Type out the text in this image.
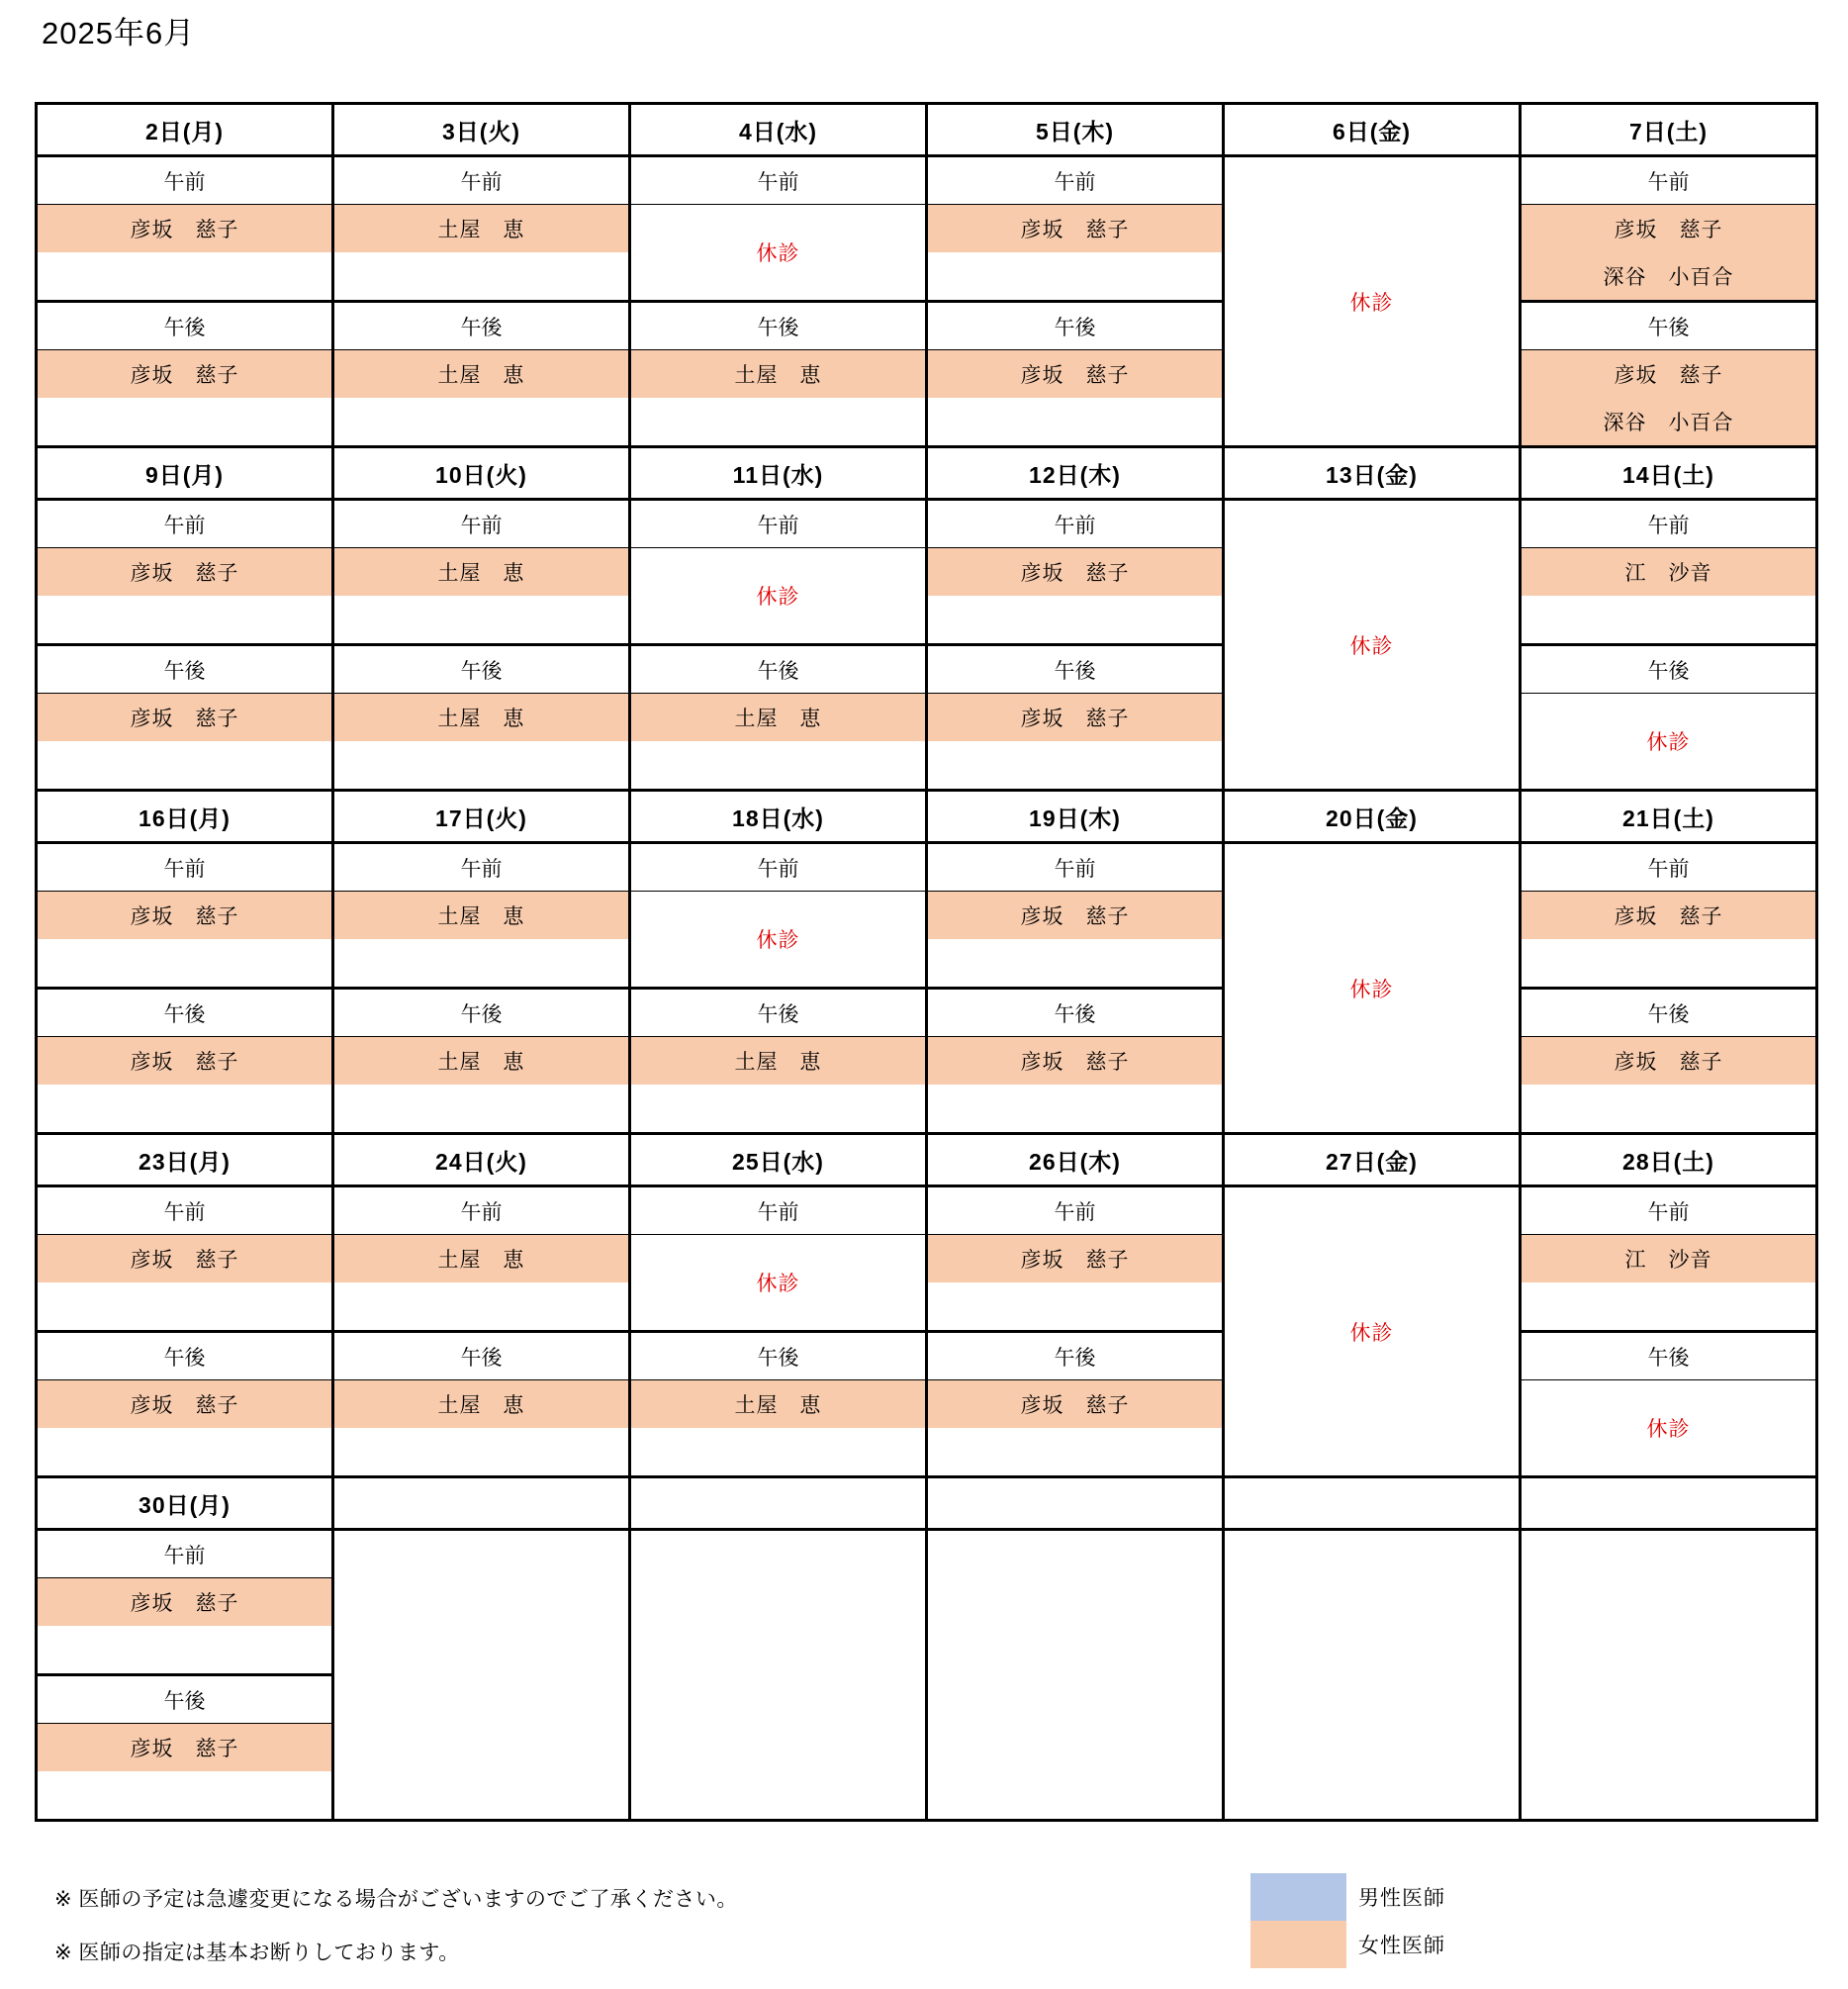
2025年6月
2日(月)
午前
彦坂　慈子
午後
彦坂　慈子
3日(火)
午前
土屋　恵
午後
土屋　恵
4日(水)
午前
休診
午後
土屋　恵
5日(木)
午前
彦坂　慈子
午後
彦坂　慈子
6日(金)
休診
7日(土)
午前
彦坂　慈子
深谷　小百合
午後
彦坂　慈子
深谷　小百合
9日(月)
午前
彦坂　慈子
午後
彦坂　慈子
10日(火)
午前
土屋　恵
午後
土屋　恵
11日(水)
午前
休診
午後
土屋　恵
12日(木)
午前
彦坂　慈子
午後
彦坂　慈子
13日(金)
休診
14日(土)
午前
江　沙音
午後
休診
16日(月)
午前
彦坂　慈子
午後
彦坂　慈子
17日(火)
午前
土屋　恵
午後
土屋　恵
18日(水)
午前
休診
午後
土屋　恵
19日(木)
午前
彦坂　慈子
午後
彦坂　慈子
20日(金)
休診
21日(土)
午前
彦坂　慈子
午後
彦坂　慈子
23日(月)
午前
彦坂　慈子
午後
彦坂　慈子
24日(火)
午前
土屋　恵
午後
土屋　恵
25日(水)
午前
休診
午後
土屋　恵
26日(木)
午前
彦坂　慈子
午後
彦坂　慈子
27日(金)
休診
28日(土)
午前
江　沙音
午後
休診
30日(月)
午前
彦坂　慈子
午後
彦坂　慈子
※ 医師の予定は急遽変更になる場合がございますのでご了承ください。
※ 医師の指定は基本お断りしております。
男性医師
女性医師
